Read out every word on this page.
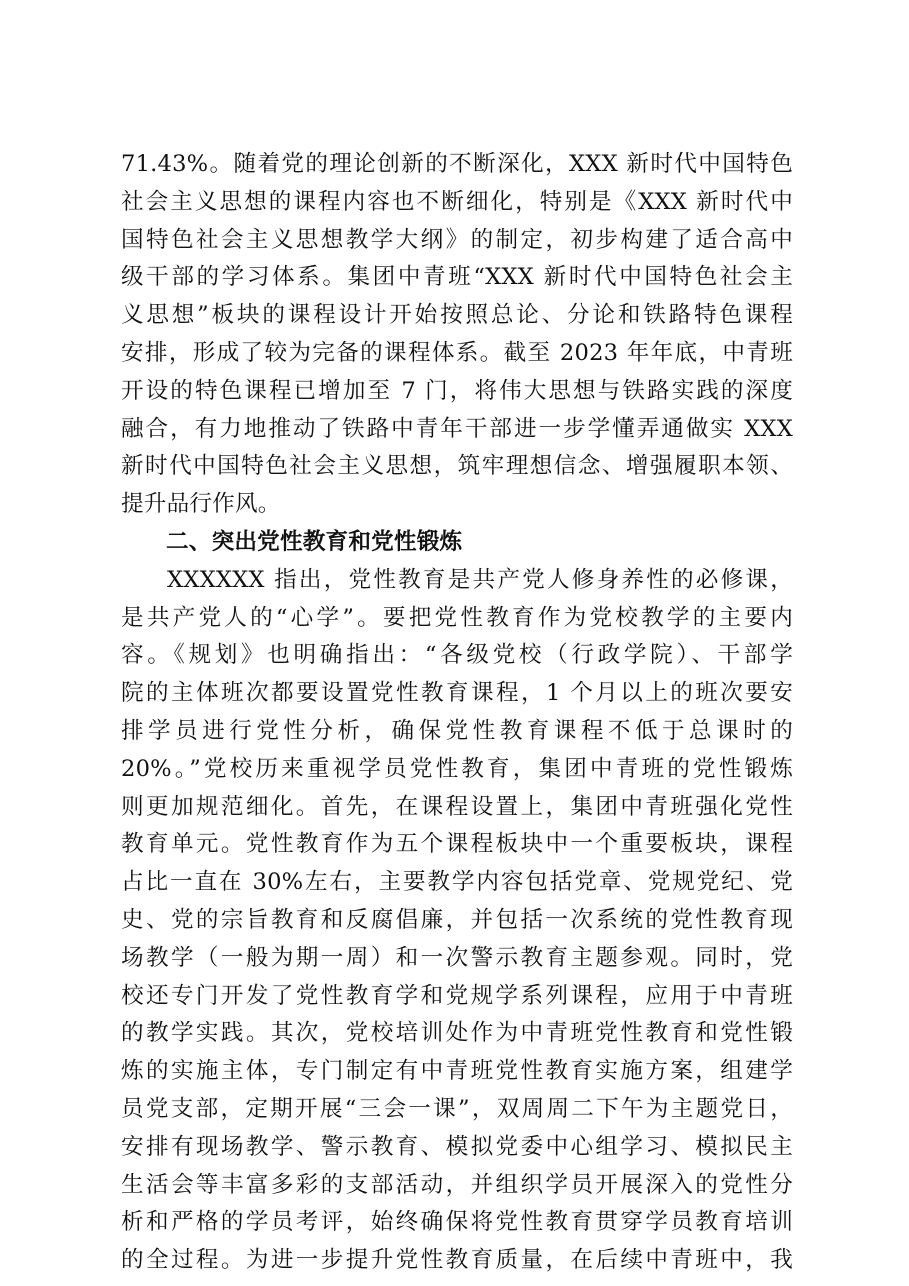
71.43%。随着党的理论创新的不断深化，XXX 新时代中国特色
社会主义思想的课程内容也不断细化，特别是《XXX 新时代中
国特色社会主义思想教学大纲》的制定，初步构建了适合高中
级干部的学习体系。集团中青班“XXX 新时代中国特色社会主
义思想”板块的课程设计开始按照总论、分论和铁路特色课程
安排，形成了较为完备的课程体系。截至 2023 年年底，中青班
开设的特色课程已增加至 7 门，将伟大思想与铁路实践的深度
融合，有力地推动了铁路中青年干部进一步学懂弄通做实 XXX
新时代中国特色社会主义思想，筑牢理想信念、增强履职本领、
提升品行作风。
二、突出党性教育和党性锻炼
XXXXXX 指出，党性教育是共产党人修身养性的必修课，
是共产党人的“心学”。要把党性教育作为党校教学的主要内
容。《规划》也明确指出：“各级党校（行政学院）、干部学
院的主体班次都要设置党性教育课程，1 个月以上的班次要安
排学员进行党性分析，确保党性教育课程不低于总课时的
20%。”党校历来重视学员党性教育，集团中青班的党性锻炼
则更加规范细化。首先，在课程设置上，集团中青班强化党性
教育单元。党性教育作为五个课程板块中一个重要板块，课程
占比一直在 30%左右，主要教学内容包括党章、党规党纪、党
史、党的宗旨教育和反腐倡廉，并包括一次系统的党性教育现
场教学（一般为期一周）和一次警示教育主题参观。同时，党
校还专门开发了党性教育学和党规学系列课程，应用于中青班
的教学实践。其次，党校培训处作为中青班党性教育和党性锻
炼的实施主体，专门制定有中青班党性教育实施方案，组建学
员党支部，定期开展“三会一课”，双周周二下午为主题党日，
安排有现场教学、警示教育、模拟党委中心组学习、模拟民主
生活会等丰富多彩的支部活动，并组织学员开展深入的党性分
析和严格的学员考评，始终确保将党性教育贯穿学员教育培训
的全过程。为进一步提升党性教育质量，在后续中青班中，我
